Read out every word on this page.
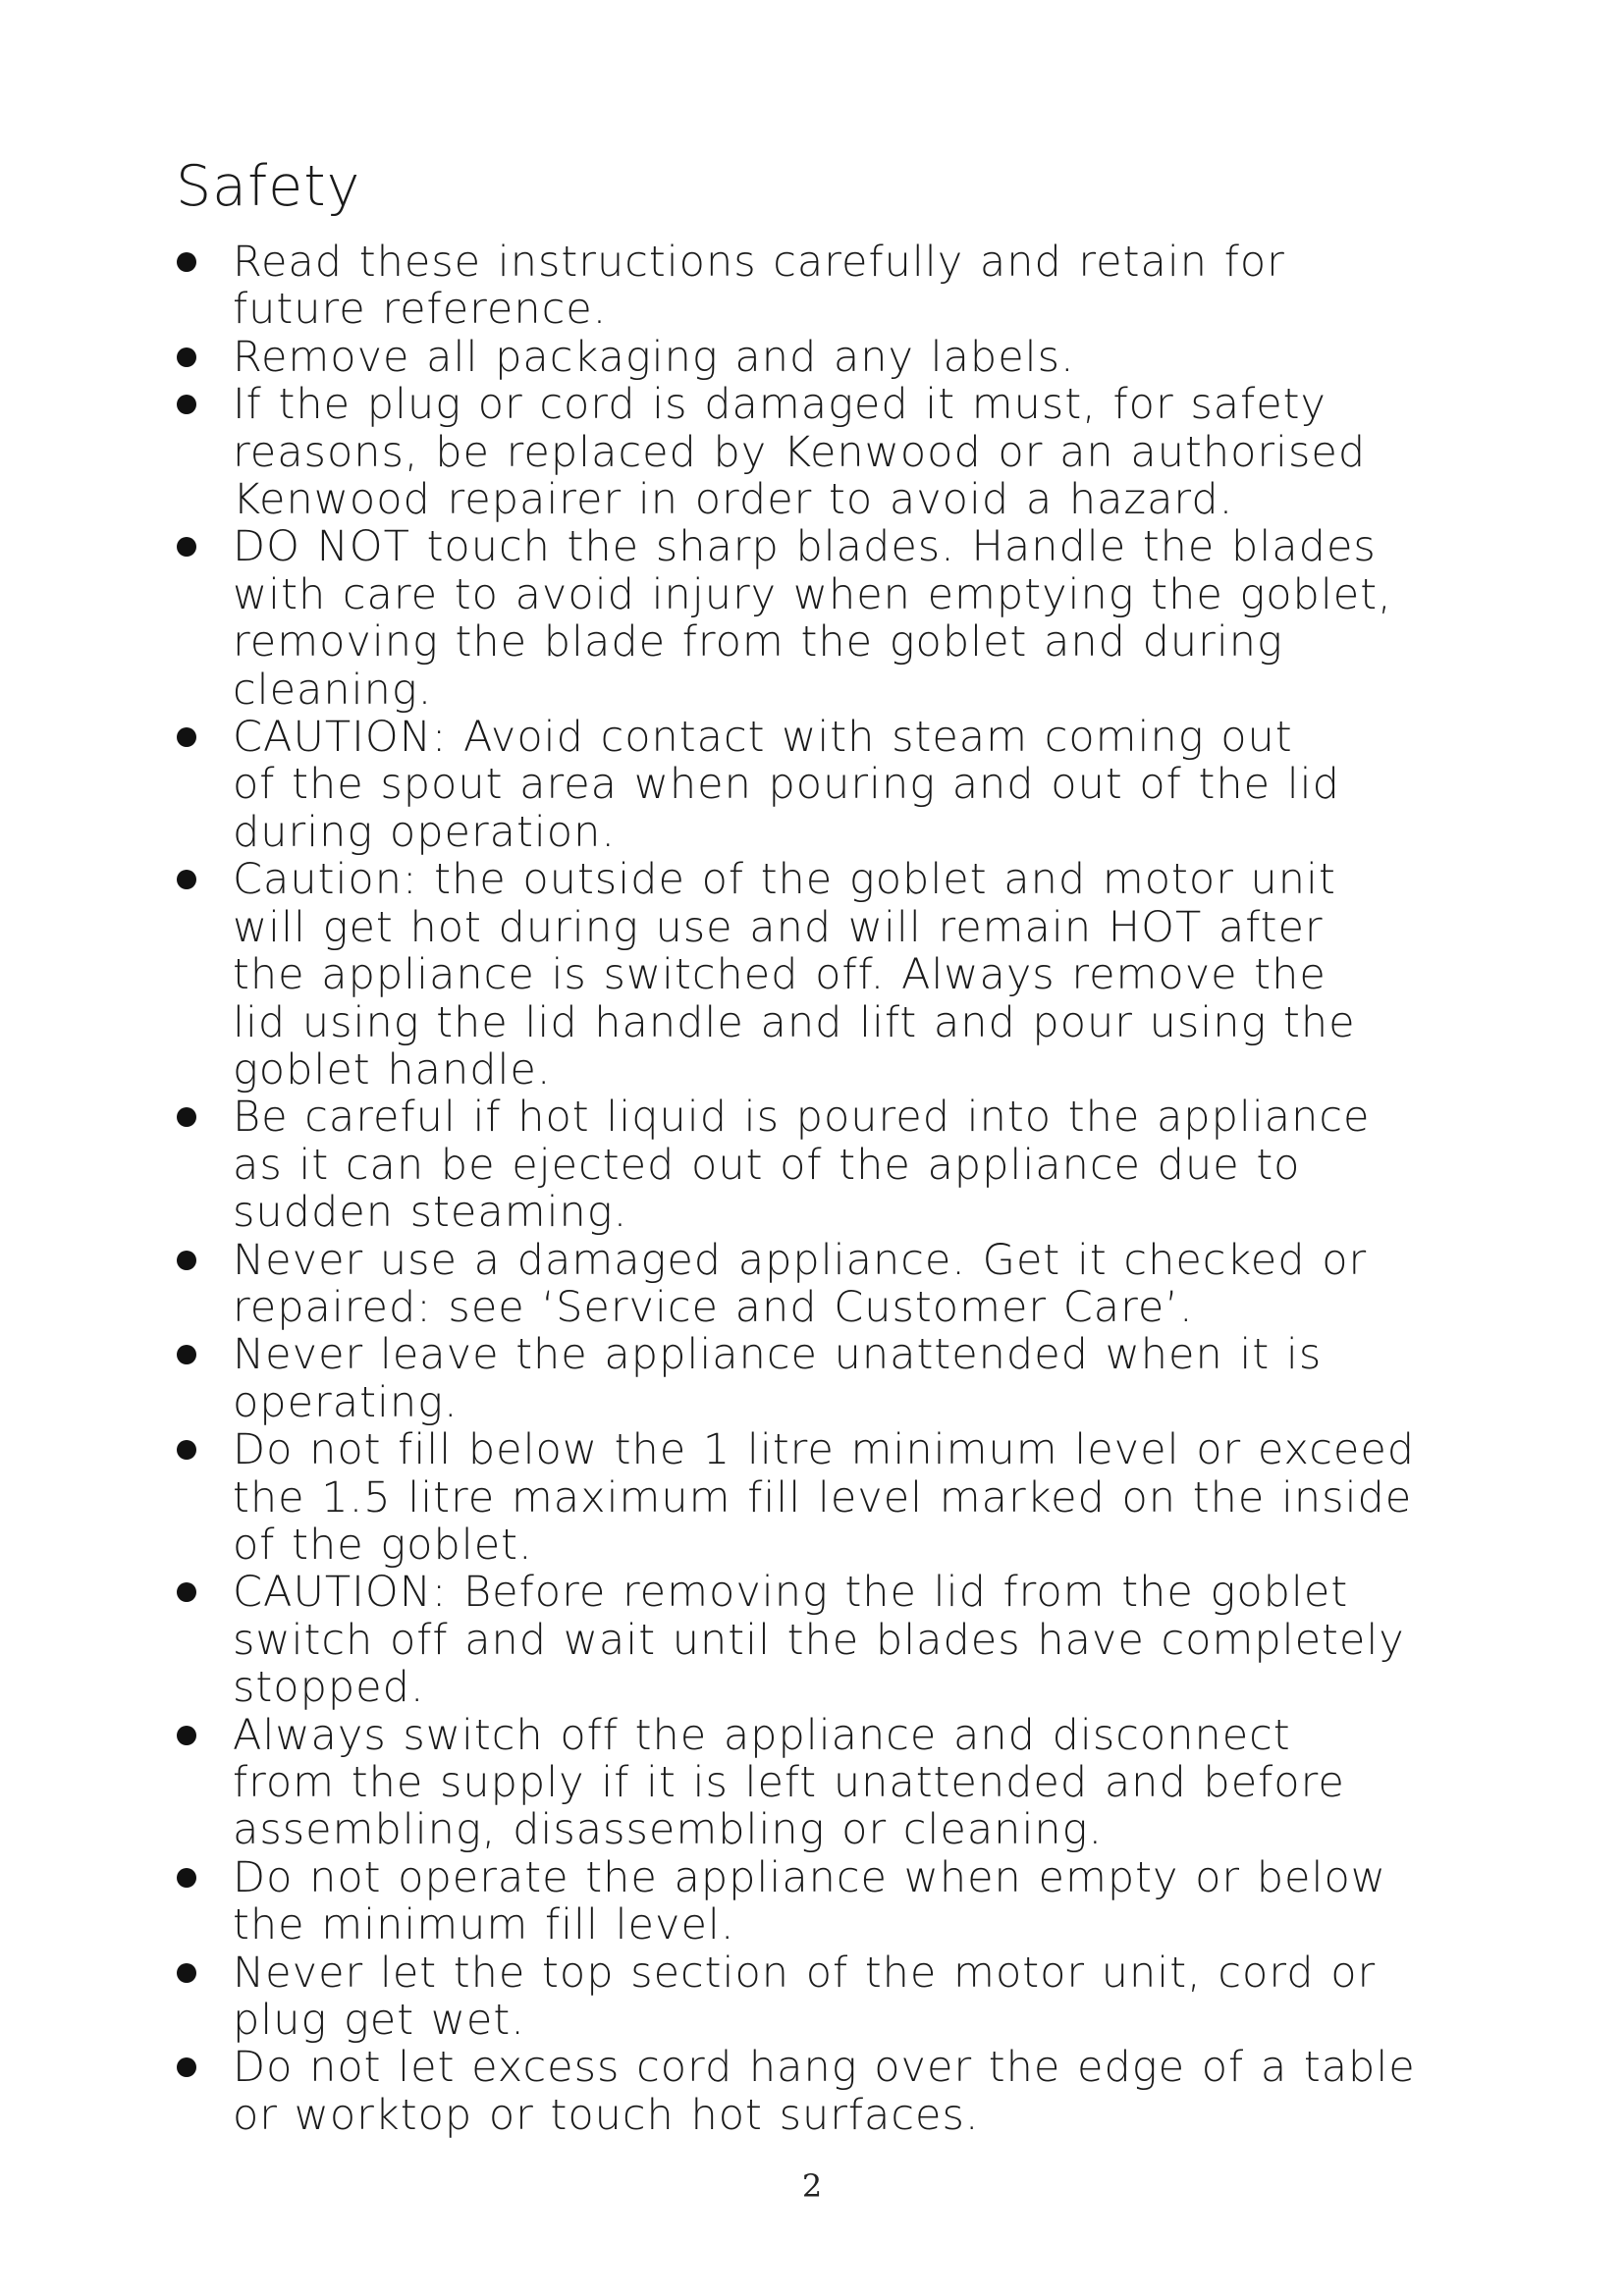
Safety
Read these instructions carefully and retain for
future reference.
Remove all packaging and any labels.
If the plug or cord is damaged it must, for safety
reasons, be replaced by Kenwood or an authorised
Kenwood repairer in order to avoid a hazard.
DO NOT touch the sharp blades. Handle the blades
with care to avoid injury when emptying the goblet,
removing the blade from the goblet and during
cleaning.
CAUTION: Avoid contact with steam coming out
of the spout area when pouring and out of the lid
during operation.
Caution: the outside of the goblet and motor unit
will get hot during use and will remain HOT after
the appliance is switched off. Always remove the
lid using the lid handle and lift and pour using the
goblet handle.
Be careful if hot liquid is poured into the appliance
as it can be ejected out of the appliance due to
sudden steaming.
Never use a damaged appliance. Get it checked or
repaired: see ‘Service and Customer Care’.
Never leave the appliance unattended when it is
operating.
Do not fill below the 1 litre minimum level or exceed
the 1.5 litre maximum fill level marked on the inside
of the goblet.
CAUTION: Before removing the lid from the goblet
switch off and wait until the blades have completely
stopped.
Always switch off the appliance and disconnect
from the supply if it is left unattended and before
assembling, disassembling or cleaning.
Do not operate the appliance when empty or below
the minimum fill level.
Never let the top section of the motor unit, cord or
plug get wet.
Do not let excess cord hang over the edge of a table
or worktop or touch hot surfaces.
2
